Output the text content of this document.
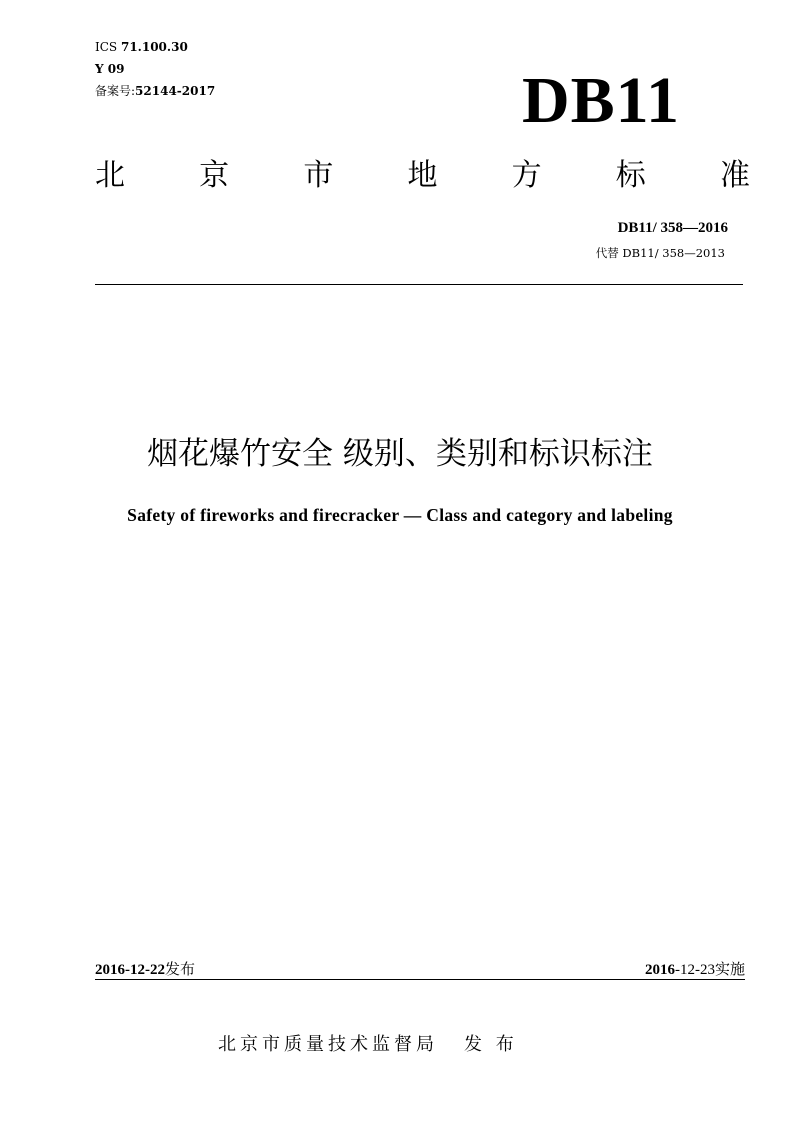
ICS 71.100.30
Y 09
备案号:52144-2017	DB11
北 京 市 地 方 标 准
DB11/ 358—2016
代替 DB11/ 358—2013
烟花爆竹安全 级别、类别和标识标注
Safety of fireworks and firecracker — Class and category and labeling
2016-12-22发布	2016-12-23实施
北京市质量技术监督局 发 布
